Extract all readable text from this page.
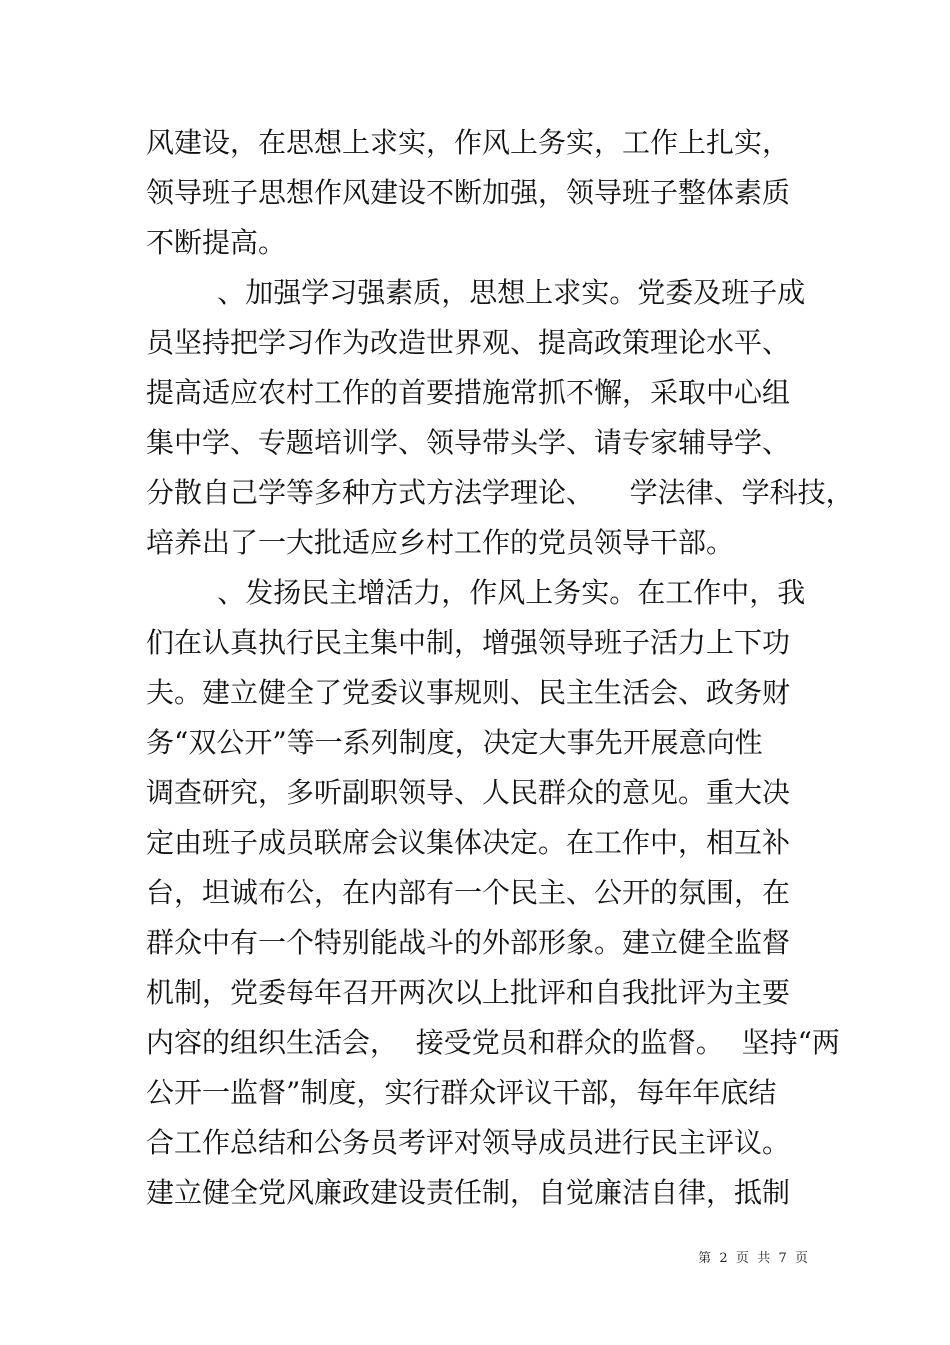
风建设，在思想上求实，作风上务实，工作上扎实，
领导班子思想作风建设不断加强，领导班子整体素质
不断提高。
、加强学习强素质，思想上求实。党委及班子成
员坚持把学习作为改造世界观、提高政策理论水平、
提高适应农村工作的首要措施常抓不懈，采取中心组
集中学、专题培训学、领导带头学、请专家辅导学、
分散自己学等多种方式方法学理论、    学法律、学科技，
培养出了一大批适应乡村工作的党员领导干部。
、发扬民主增活力，作风上务实。在工作中，我
们在认真执行民主集中制，增强领导班子活力上下功
夫。建立健全了党委议事规则、民主生活会、政务财
务“双公开”等一系列制度，决定大事先开展意向性
调查研究，多听副职领导、人民群众的意见。重大决
定由班子成员联席会议集体决定。在工作中，相互补
台，坦诚布公，在内部有一个民主、公开的氛围，在
群众中有一个特别能战斗的外部形象。建立健全监督
机制，党委每年召开两次以上批评和自我批评为主要
内容的组织生活会，  接受党员和群众的监督。  坚持“两
公开一监督”制度，实行群众评议干部，每年年底结
合工作总结和公务员考评对领导成员进行民主评议。
建立健全党风廉政建设责任制，自觉廉洁自律，抵制
第  2  页  共  7  页
